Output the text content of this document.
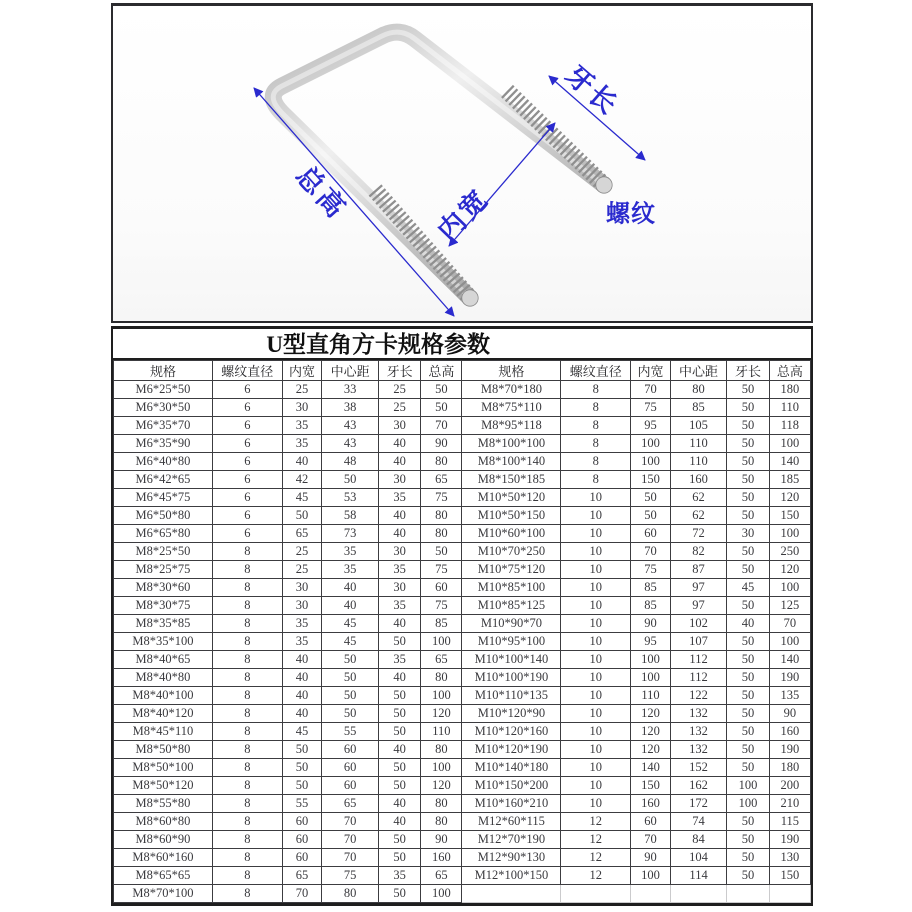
总高	内宽
牙长
螺纹
U型直角方卡规格参数
规格	螺纹直径	内宽	中心距	牙长	总高	规格	螺纹直径	内宽	中心距	牙长	总高
M6*25*50	6	25	33	25	50	M8*70*180	8	70	80	50	180
M6*30*50	6	30	38	25	50	M8*75*110	8	75	85	50	110
M6*35*70	6	35	43	30	70	M8*95*118	8	95	105	50	118
M6*35*90	6	35	43	40	90	M8*100*100	8	100	110	50	100
M6*40*80	6	40	48	40	80	M8*100*140	8	100	110	50	140
M6*42*65	6	42	50	30	65	M8*150*185	8	150	160	50	185
M6*45*75	6	45	53	35	75	M10*50*120	10	50	62	50	120
M6*50*80	6	50	58	40	80	M10*50*150	10	50	62	50	150
M6*65*80	6	65	73	40	80	M10*60*100	10	60	72	30	100
M8*25*50	8	25	35	30	50	M10*70*250	10	70	82	50	250
M8*25*75	8	25	35	35	75	M10*75*120	10	75	87	50	120
M8*30*60	8	30	40	30	60	M10*85*100	10	85	97	45	100
M8*30*75	8	30	40	35	75	M10*85*125	10	85	97	50	125
M8*35*85	8	35	45	40	85	M10*90*70	10	90	102	40	70
M8*35*100	8	35	45	50	100	M10*95*100	10	95	107	50	100
M8*40*65	8	40	50	35	65	M10*100*140	10	100	112	50	140
M8*40*80	8	40	50	40	80	M10*100*190	10	100	112	50	190
M8*40*100	8	40	50	50	100	M10*110*135	10	110	122	50	135
M8*40*120	8	40	50	50	120	M10*120*90	10	120	132	50	90
M8*45*110	8	45	55	50	110	M10*120*160	10	120	132	50	160
M8*50*80	8	50	60	40	80	M10*120*190	10	120	132	50	190
M8*50*100	8	50	60	50	100	M10*140*180	10	140	152	50	180
M8*50*120	8	50	60	50	120	M10*150*200	10	150	162	100	200
M8*55*80	8	55	65	40	80	M10*160*210	10	160	172	100	210
M8*60*80	8	60	70	40	80	M12*60*115	12	60	74	50	115
M8*60*90	8	60	70	50	90	M12*70*190	12	70	84	50	190
M8*60*160	8	60	70	50	160	M12*90*130	12	90	104	50	130
M8*65*65	8	65	75	35	65	M12*100*150	12	100	114	50	150
M8*70*100	8	70	80	50	100						
